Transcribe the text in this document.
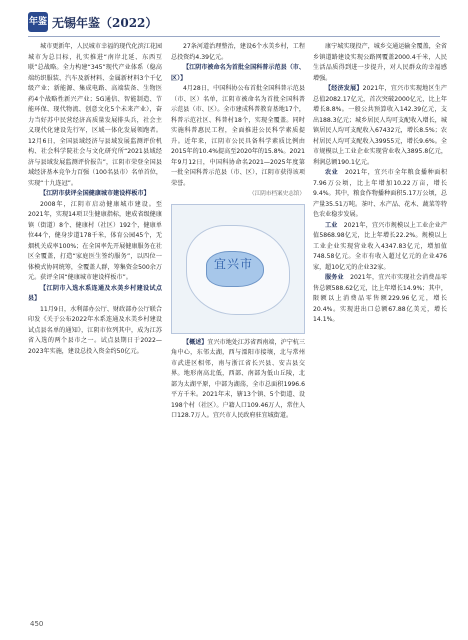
年鉴 无锡年鉴（2022）

城市更新年，人民城市幸福的现代化滨江花园城市为总目标，扎实推进“南岸北延、东西互联”总战略。全力构建“345”现代产业体系（稳高端纺织服装、汽车及新材料、金属新材料3个千亿级产业；新能源、集成电路、高端装备、生物医药4个战略性新兴产业；5G通信、智能制造、节能环保、现代物流、创意文化5个未来产业），奋力当好苏中民营经济高质量发展排头兵，社会主义现代化建设先行军，区域一体化发展领跑者。12月6日，全国县域经济与县域发展监测评价机构、社会科学院社会与文化研究所“2021县域经济与县域发展监测评价报告”，江阴市荣登全国县域经济基本竞争力百强（100名县市）名单首位，实现“十九连冠”。

【江阴市获评全国健康城市建设样板市】

2008年，江阴市启动健康城市建设。至2021年，实现14项卫生健康指标，建成省级健康镇（街道）8个、健康村（社区）192个，健康单位44个，健身步道178千米，体育公园45个，无烟机关成率100%；在全国率先开展健康服务在社区全覆盖，打造“家庭医生签约服务”，以四位一体模式协同统筹，全覆盖人群，筹集资金500余万元。获评全国“健康城市建设样板市”。

【江阴市入选水系连通及水美乡村建设试点县】

11月9日，水利部办公厅、财政部办公厅联合印发《关于公布2022年水系连通及水美乡村建设试点县名单的通知》，江阴市位列其中，成为江苏省入选的两个县市之一。试点县期日于2022—2023年实施，建设总投入资金约50亿元。

27条河道治理整治，建设6个水美乡村，工程总投资约4.39亿元。

【江阴市被命名为首批全国科普示范县（市、区）】

4月28日，中国科协公布首批全国科普示范县（市、区）名单，江阴市被命名为首批全国科普示范县（市、区）。全市建成科普教育基地17个，科普示范社区、科普村18个，实现全覆盖。同时实施科普惠民工程，全面推进公民科学素质提升。近年来，江阴市公民具备科学素质比例由2015年的10.4%提高至2020年的15.8%。2021年9月12日，中国科协命名2021—2025年度第一批全国科普示范县（市、区），江阴市获得该项荣誉。

（江阴市档案史志馆）

宜兴市

【概述】宜兴市地处江苏省西南端，沪宁杭三角中心，东邻太湖，西与溧阳市接壤，北与常州市武进区相邻，南与浙江省长兴县、安吉县交界。地形南高北低，西部、南部为低山丘陵，北部为太湖平原，中部为湖荡，全市总面积1996.6平方千米。2021年末，辖13个镇、5个街道、设198个村（社区）。户籍人口109.46万人，常住人口128.7万人。宜兴市人民政府驻宜城街道。

康宁城实现投产，城乡交通运输全覆盖，全省乡镇道路建设实现公路网覆盖2000.4千米，人民生活品质得到进一步提升，对人民群众的幸福感增强。

【经济发展】2021年，宜兴市实现地区生产总值2082.17亿元，首次突破2000亿元，比上年增长8.8%。一般公共预算收入142.39亿元，支出188.3亿元；城乡居民人均可支配收入增长，城镇居民人均可支配收入67432元，增长8.5%；农村居民人均可支配收入39955元，增长9.6%。全市规模以上工业企业实现营业收入3895.8亿元，利润总额190.1亿元。

农业　 2021年，宜兴市全年粮食播种面积7.96万公顷，比上年增加10.22万亩，增长9.4%。其中，粮食作物播种面积5.17万公顷，总产量35.51万吨。茶叶、水产品、花木、蔬菜等特色农业稳步发展。

工业　 2021年，宜兴市规模以上工业企业产值5868.98亿元，比上年增长22.2%。规模以上工业企业实现营业收入4347.83亿元，增加值748.58亿元。全市有收入超过亿元的企业476家，超10亿元的企业32家。

服务业　 2021年，宜兴市实现社会消费品零售总额588.62亿元，比上年增长14.9%；其中，限额以上消费品零售额229.96亿元，增长20.4%。实现进出口总额67.88亿美元，增长14.1%。

450
